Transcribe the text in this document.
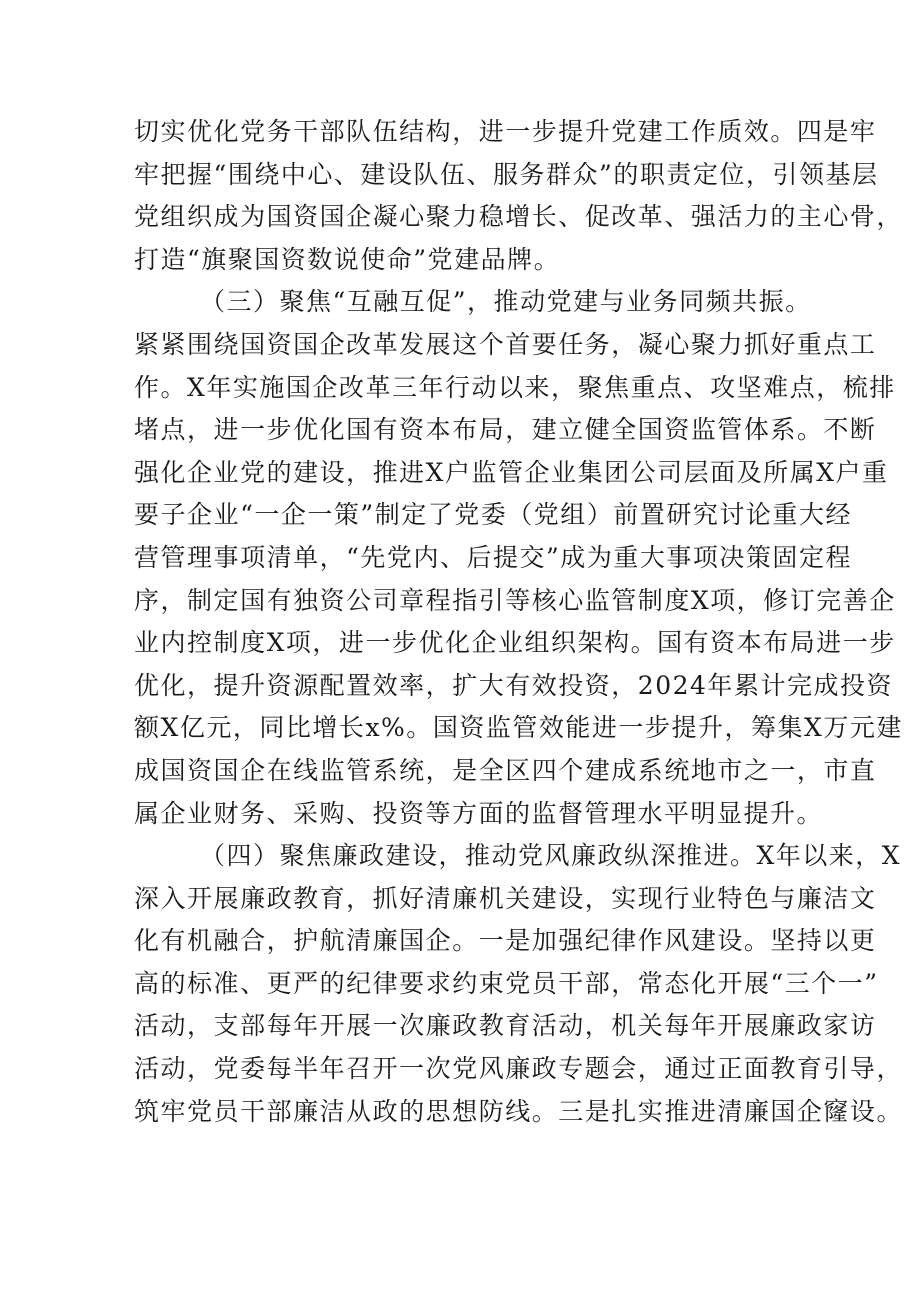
切 实 优 化 党 务 干 部 队 伍 结 构 ， 进 一 步 提 升 党 建 工 作 质 效 。 四 是 牢
牢 把 握 “ 围 绕 中 心 、 建 设 队 伍 、 服 务 群 众 ” 的 职 责 定 位 ， 引 领 基 层
党 组 织 成 为 国 资 国 企 凝 心 聚 力 稳 增 长 、 促 改 革 、 强 活 力 的 主 心 骨 ，
打造“旗聚国资数说使命”党建品牌。
（三）聚焦“互融互促”，推动党建与业务同频共振。
紧 紧 围 绕 国 资 国 企 改 革 发 展 这 个 首 要 任 务 ， 凝 心 聚 力 抓 好 重 点 工
作 。 X 年 实 施 国 企 改 革 三 年 行 动 以 来 ， 聚 焦 重 点 、 攻 坚 难 点 ， 梳 排
堵 点 ， 进 一 步 优 化 国 有 资 本 布 局 ， 建 立 健 全 国 资 监 管 体 系 。 不 断
强 化 企 业 党 的 建 设 ， 推 进 X 户 监 管 企 业 集 团 公 司 层 面 及 所 属 X 户 重
要 子 企 业 “ 一 企 一 策 ” 制 定 了 党 委 （ 党 组 ） 前 置 研 究 讨 论 重 大 经
营 管 理 事 项 清 单 ， “ 先 党 内 、 后 提 交 ” 成 为 重 大 事 项 决 策 固 定 程
序 ， 制 定 国 有 独 资 公 司 章 程 指 引 等 核 心 监 管 制 度 X 项 ， 修 订 完 善 企
业 内 控 制 度 X 项 ， 进 一 步 优 化 企 业 组 织 架 构 。 国 有 资 本 布 局 进 一 步
优 化 ， 提 升 资 源 配 置 效 率 ， 扩 大 有 效 投 资 ， 2024 年 累 计 完 成 投 资
额 X 亿 元 ， 同 比 增 长 x% 。 国 资 监 管 效 能 进 一 步 提 升 ， 筹 集 X 万 元 建
成 国 资 国 企 在 线 监 管 系 统 ， 是 全 区 四 个 建 成 系 统 地 市 之 一 ， 市 直
属企业财务、采购、投资等方面的监督管理水平明显提升。
（四）聚焦廉政建设，推动党风廉政纵深推进。X年以来，X
深 入 开 展 廉 政 教 育 ， 抓 好 清 廉 机 关 建 设 ， 实 现 行 业 特 色 与 廉 洁 文
化 有 机 融 合 ， 护 航 清 廉 国 企 。 一 是 加 强 纪 律 作 风 建 设 。 坚 持 以 更
高 的 标 准 、 更 严 的 纪 律 要 求 约 束 党 员 干 部 ， 常 态 化 开 展 “ 三 个 一 ”
活 动 ， 支 部 每 年 开 展 一 次 廉 政 教 育 活 动 ， 机 关 每 年 开 展 廉 政 家 访
活 动 ， 党 委 每 半 年 召 开 一 次 党 风 廉 政 专 题 会 ， 通 过 正 面 教 育 引 导 ，
筑 牢 党 员 干 部 廉 洁 从 政 的 思 想 防 线 。 三 是 扎 实 推 进 清 廉 国 企 窿 设 。
